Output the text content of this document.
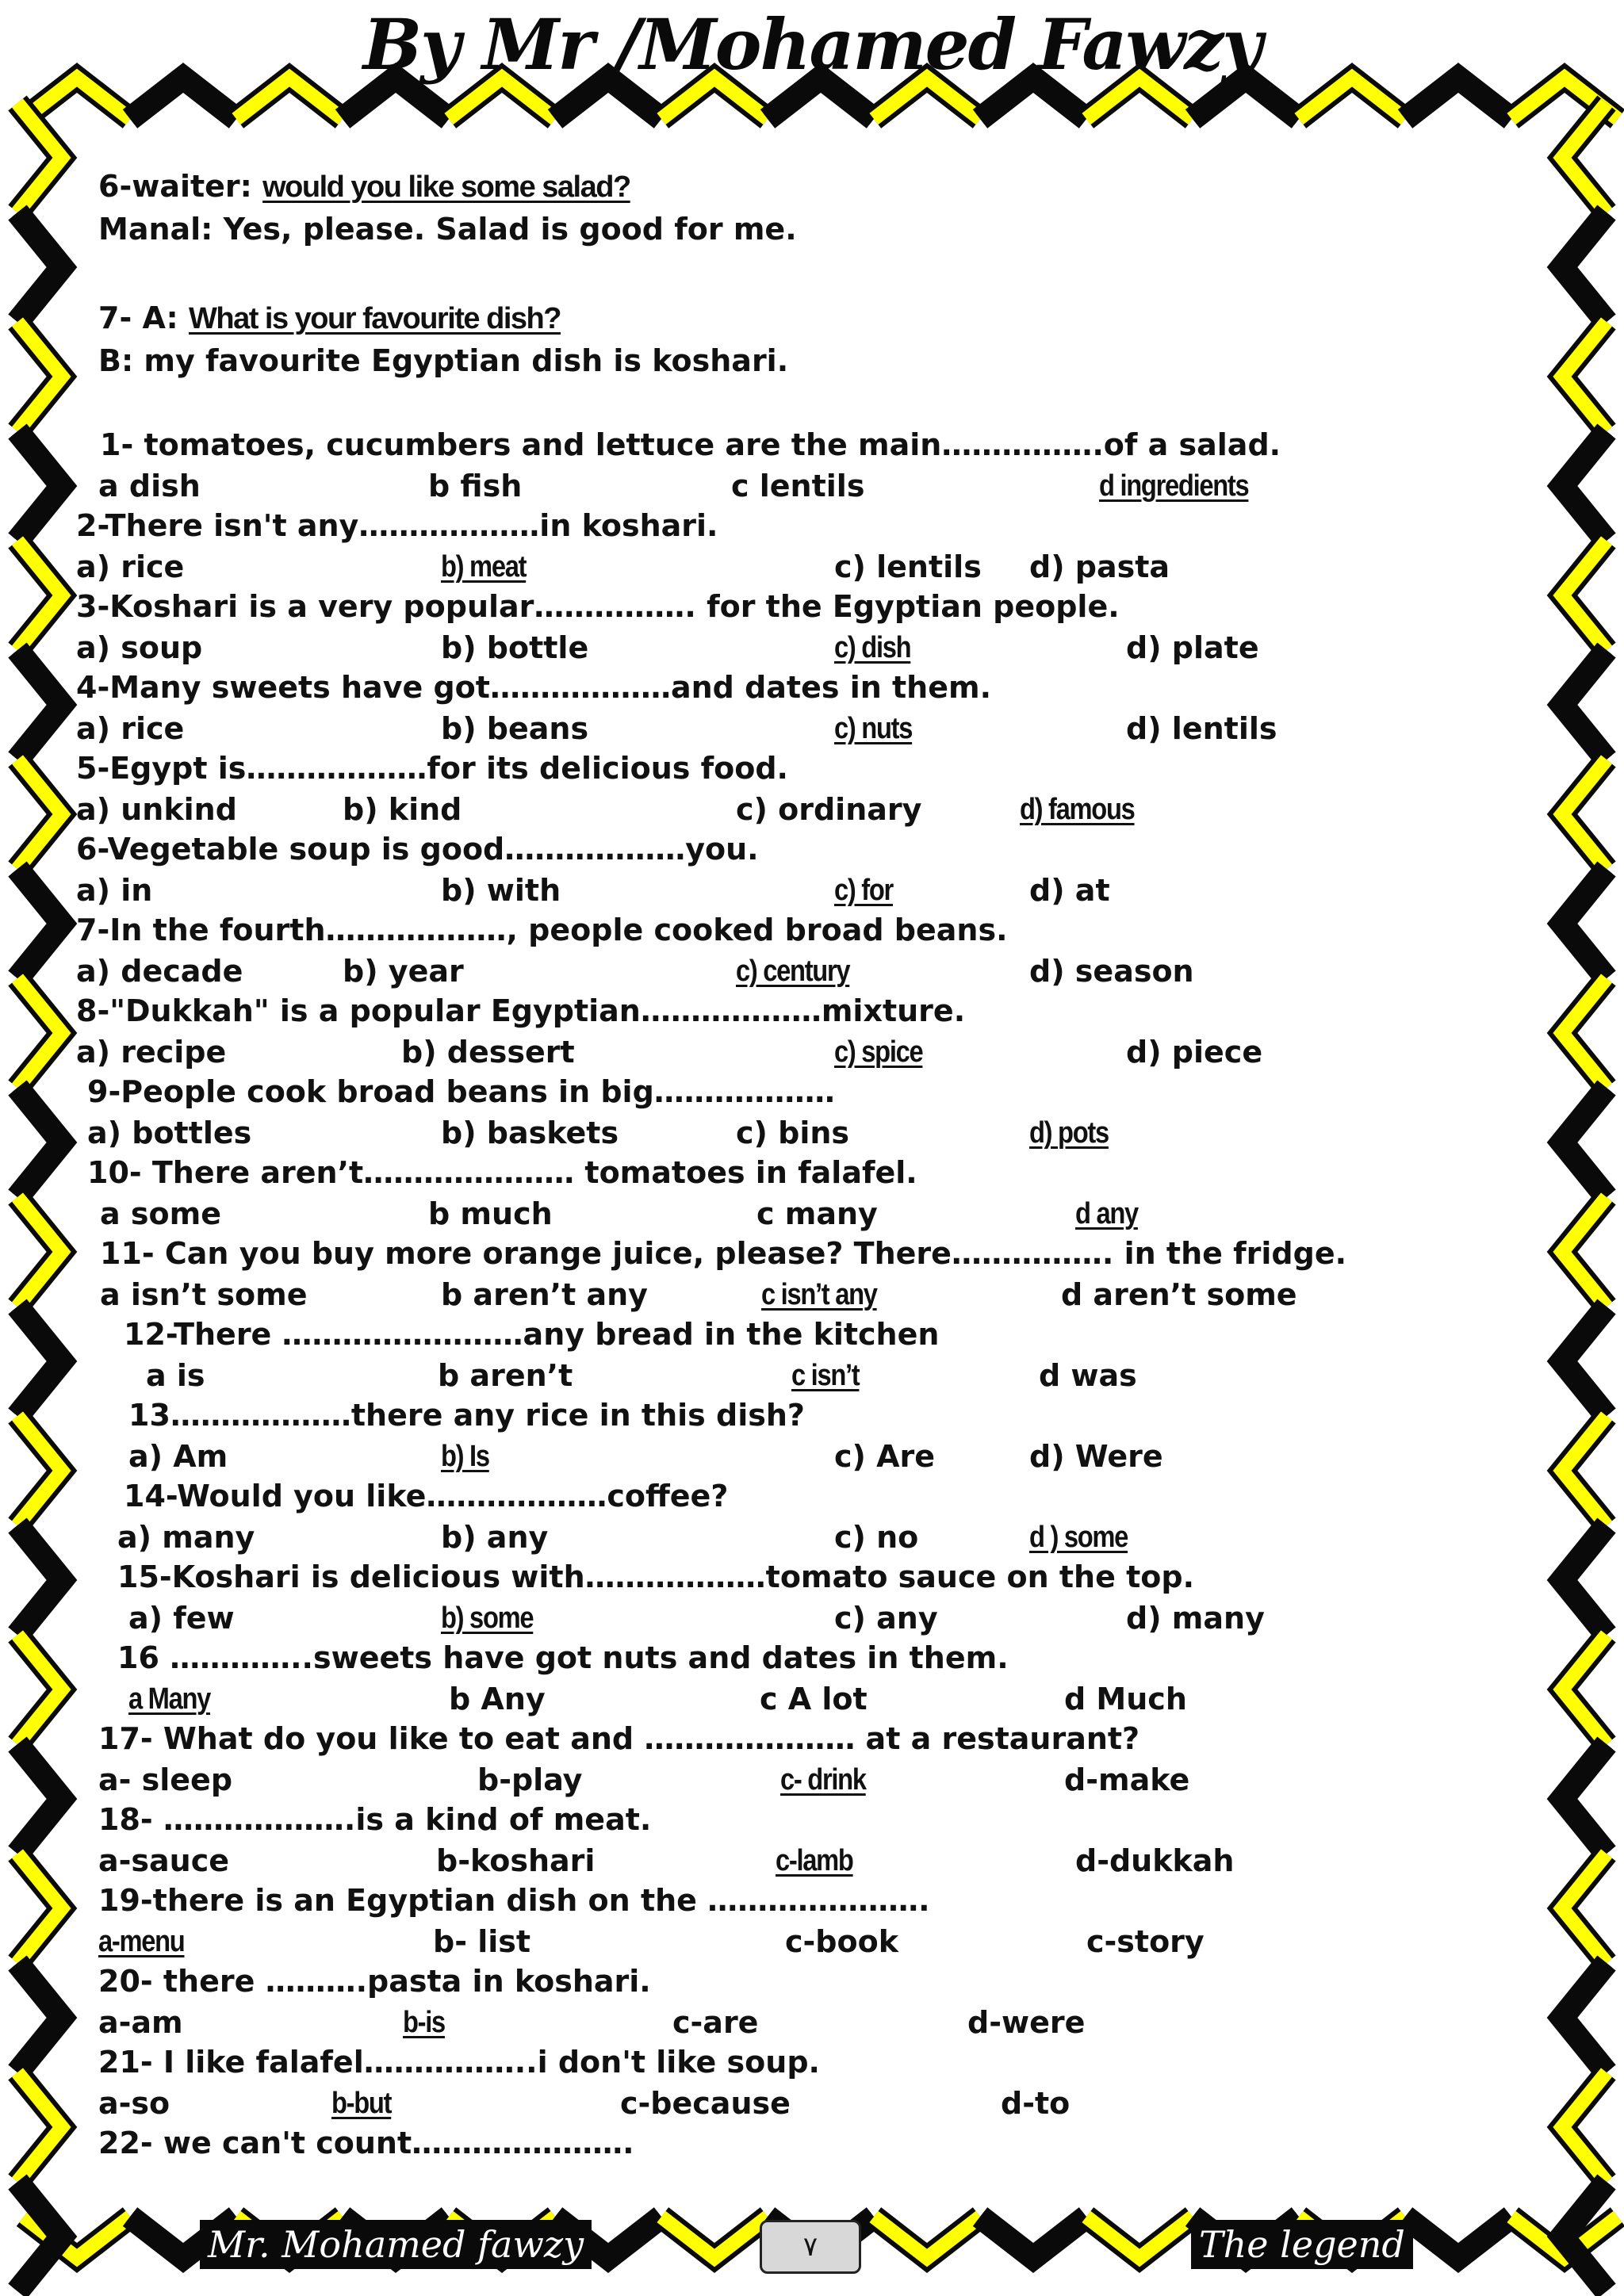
By Mr /Mohamed Fawzy
6-waiter: would you like some salad?
Manal: Yes, please. Salad is good for me.
7- A: What is your favourite dish?
B: my favourite Egyptian dish is koshari.
1- tomatoes, cucumbers and lettuce are the main…………….of a salad.
a dish	b fish	c lentils	d ingredients
2-There isn't any………………in koshari.
a) rice	b) meat	c) lentils d) pasta
3-Koshari is a very popular……………. for the Egyptian people.
a) soup	b) bottle	c) dish	d) plate
4-Many sweets have got………………and dates in them.
a) rice	b) beans	c) nuts	d) lentils
5-Egypt is………………for its delicious food.
a) unkind	b) kind	c) ordinary	d) famous
6-Vegetable soup is good………………you.
a) in	b) with	c) for	d) at
7-In the fourth………………, people cooked broad beans.
a) decade	b) year	c) century	d) season
8-"Dukkah" is a popular Egyptian………………mixture.
a) recipe	b) dessert	c) spice	d) piece
9-People cook broad beans in big………………
a) bottles	b) baskets	c) bins	d) pots
10- There aren’t………………… tomatoes in falafel.
a some	b much	c many	d any
11- Can you buy more orange juice, please? There……………. in the fridge.
a isn’t some	b aren’t any	c isn’t any	d aren’t some
12-There ……………………any bread in the kitchen
a is	b aren’t	c isn’t	d was
13………………there any rice in this dish?
a) Am	b) Is	c) Are	d) Were
14-Would you like………………coffee?
a) many	b) any	c) no	d ) some
15-Koshari is delicious with………………tomato sauce on the top.
a) few	b) some	c) any	d) many
16 …………..sweets have got nuts and dates in them.
a Many	b Any	c A lot	d Much
17- What do you like to eat and ………………… at a restaurant?
a- sleep	b-play	c- drink	d-make
18- ……………….is a kind of meat.
a-sauce	b-koshari	c-lamb	d-dukkah
19-there is an Egyptian dish on the ………………….
a-menu	b- list	c-book	c-story
20- there ……….pasta in koshari.
a-am	b-is	c-are	d-were
21- I like falafel……………..i don't like soup.
a-so	b-but	c-because	d-to
22- we can't count………………….
Mr. Mohamed fawzy	٧	The legend
